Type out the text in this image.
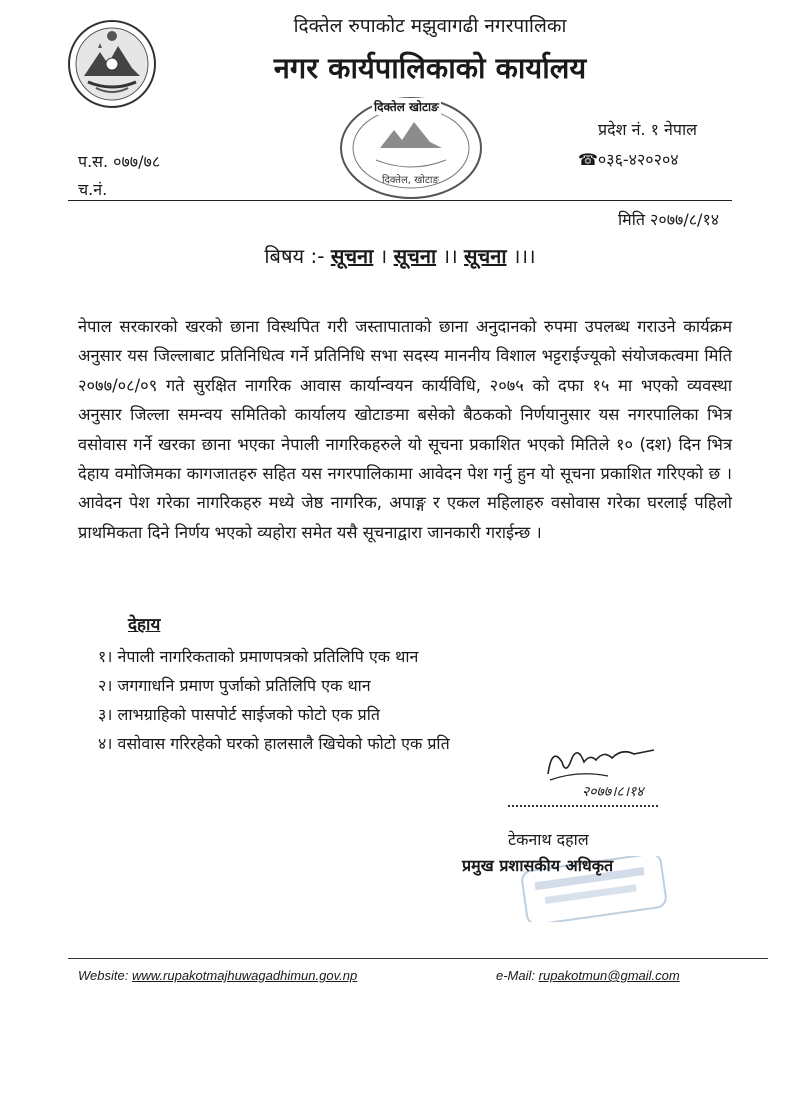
दिक्तेल रुपाकोट मझुवागढी नगरपालिका
नगर कार्यपालिकाको कार्यालय
दिक्तेल खोटाङ
दिक्तेल, खोटाङ
प्रदेश नं. १ नेपाल
☎०३६-४२०२०४
प.स. ०७७/७८
च.नं.
मिति २०७७/८/१४
बिषय :- सूचना । सूचना ।। सूचना ।।।

नेपाल सरकारको खरको छाना विस्थपित गरी जस्तापाताको छाना अनुदानको रुपमा उपलब्ध गराउने कार्यक्रम अनुसार यस जिल्लाबाट प्रतिनिधित्व गर्ने प्रतिनिधि सभा सदस्य माननीय विशाल भट्टराईज्यूको संयोजकत्वमा मिति २०७७/०८/०९ गते सुरक्षित नागरिक आवास कार्यान्वयन कार्यविधि, २०७५ को दफा १५ मा भएको व्यवस्था अनुसार जिल्ला समन्वय समितिको कार्यालय खोटाङमा बसेको बैठकको निर्णयानुसार यस नगरपालिका भित्र वसोवास गर्ने खरका छाना भएका नेपाली नागरिकहरुले यो सूचना प्रकाशित भएको मितिले १० (दश) दिन भित्र देहाय वमोजिमका कागजातहरु सहित यस नगरपालिकामा आवेदन पेश गर्नु हुन यो सूचना प्रकाशित गरिएको छ । आवेदन पेश गरेका नागरिकहरु मध्ये जेष्ठ नागरिक, अपाङ्ग र एकल महिलाहरु वसोवास गरेका घरलाई पहिलो प्राथमिकता दिने निर्णय भएको व्यहोरा समेत यसै सूचनाद्वारा जानकारी गराईन्छ ।

देहाय
१। नेपाली नागरिकताको प्रमाणपत्रको प्रतिलिपि एक थान
२। जगगाधनि प्रमाण पुर्जाको प्रतिलिपि एक थान
३। लाभग्राहिको पासपोर्ट साईजको फोटो एक प्रति
४। वसोवास गरिरहेको घरको हालसालै खिचेको फोटो एक प्रति
२०७७।८।१४
टेकनाथ दहाल
प्रमुख प्रशासकीय अधिकृत
Website: www.rupakotmajhuwagadhimun.gov.np	e-Mail: rupakotmun@gmail.com
